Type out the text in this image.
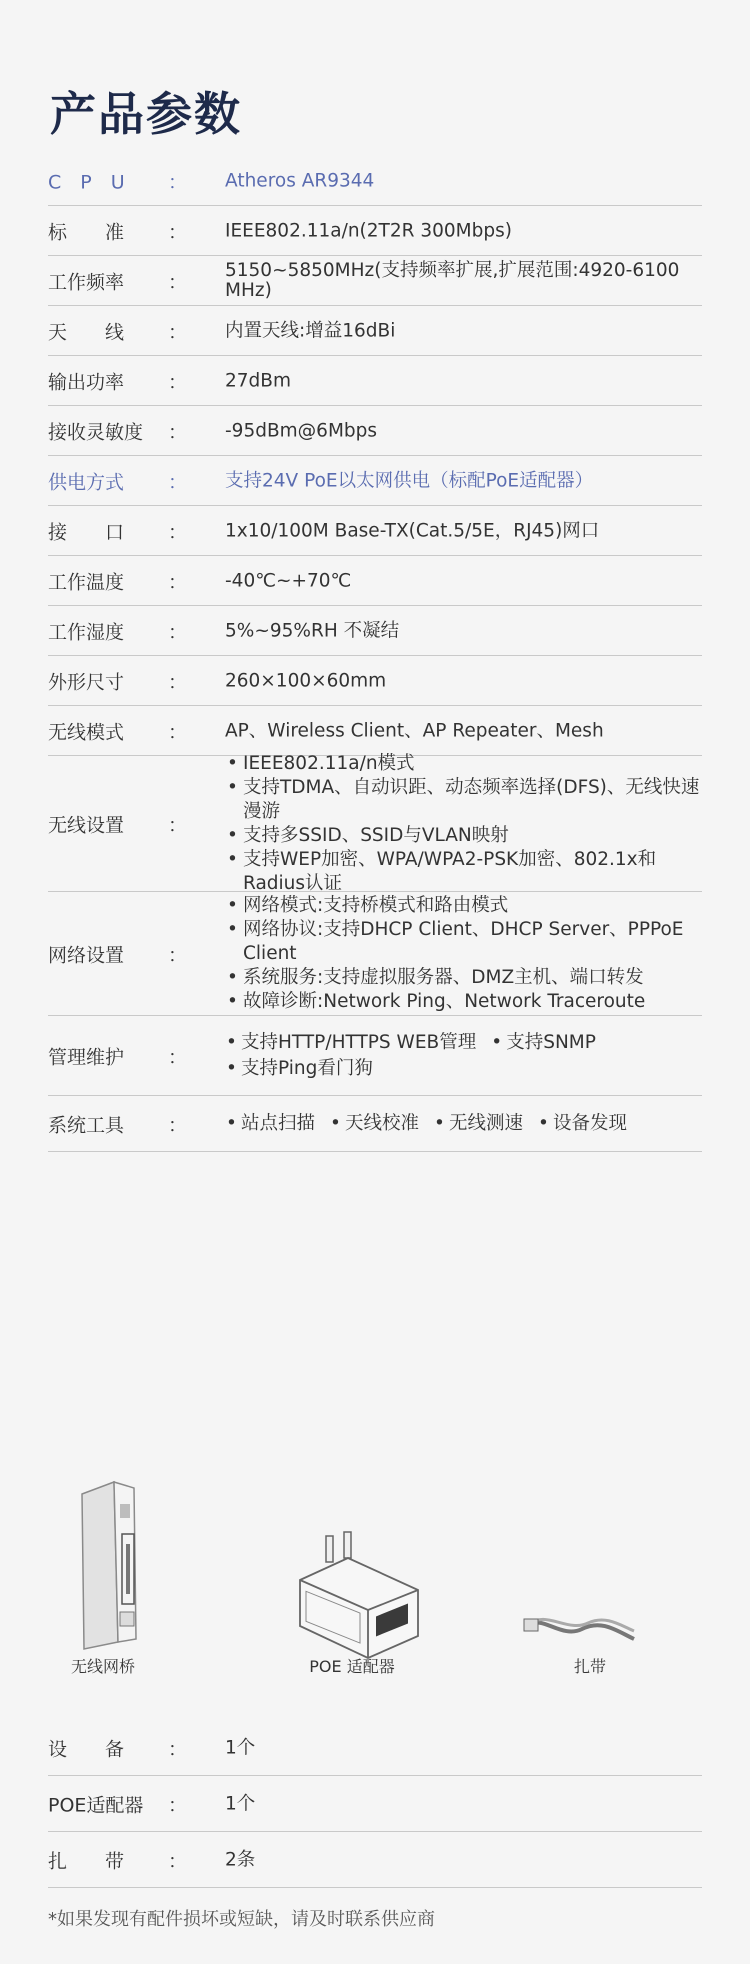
产品参数
C　P　U ： Atheros AR9344
标　　准 ： IEEE802.11a/n(2T2R 300Mbps)
工作频率 ：
5150~5850MHz(支持频率扩展,扩展范围:4920-6100 MHz)
天　　线 ： 内置天线:增益16dBi
输出功率 ： 27dBm
接收灵敏度 ： -95dBm@6Mbps
供电方式 ： 支持24V PoE以太网供电（标配PoE适配器）
接　　口 ： 1x10/100M Base-TX(Cat.5/5E，RJ45)网口
工作温度 ： -40℃~+70℃
工作湿度 ： 5%~95%RH 不凝结
外形尺寸 ： 260×100×60mm
无线模式 ： AP、Wireless Client、AP Repeater、Mesh
无线设置 ：
• IEEE802.11a/n模式
• 支持TDMA、自动识距、动态频率选择(DFS)、无线快速漫游
• 支持多SSID、SSID与VLAN映射
• 支持WEP加密、WPA/WPA2-PSK加密、802.1x和Radius认证
网络设置 ：
• 网络模式:支持桥模式和路由模式
• 网络协议:支持DHCP Client、DHCP Server、PPPoE Client
• 系统服务:支持虚拟服务器、DMZ主机、端口转发
• 故障诊断:Network Ping、Network Traceroute
管理维护 ：
• 支持HTTP/HTTPS WEB管理	• 支持SNMP
• 支持Ping看门狗
系统工具 ：	• 站点扫描	• 天线校准	• 无线测速	• 设备发现
无线网桥	POE 适配器	扎带
设　　备 ： 1个
POE适配器 ： 1个
扎　　带 ： 2条
*如果发现有配件损坏或短缺，请及时联系供应商
